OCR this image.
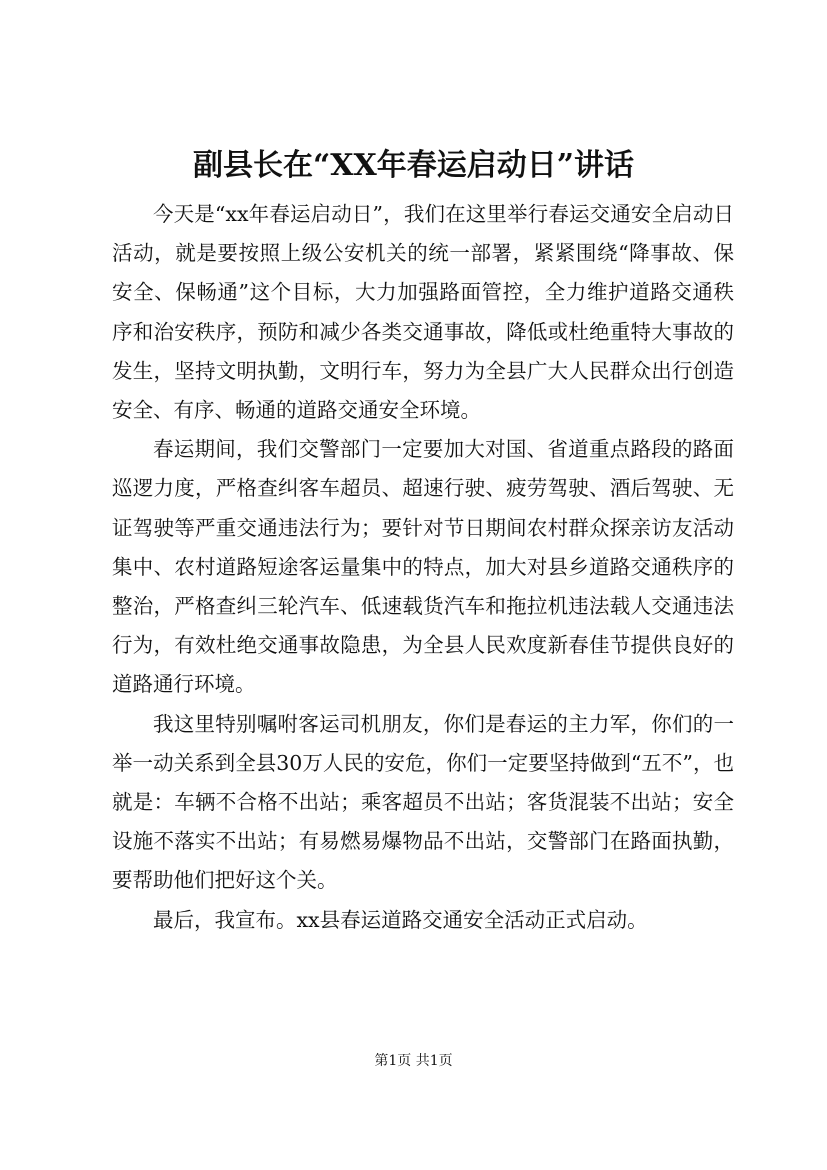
副县长在“XX年春运启动日”讲话

今天是“xx年春运启动日”，我们在这里举行春运交通安全启动日活动，就是要按照上级公安机关的统一部署，紧紧围绕“降事故、保安全、保畅通”这个目标，大力加强路面管控，全力维护道路交通秩序和治安秩序，预防和减少各类交通事故，降低或杜绝重特大事故的发生，坚持文明执勤，文明行车，努力为全县广大人民群众出行创造安全、有序、畅通的道路交通安全环境。

春运期间，我们交警部门一定要加大对国、省道重点路段的路面巡逻力度，严格查纠客车超员、超速行驶、疲劳驾驶、酒后驾驶、无证驾驶等严重交通违法行为；要针对节日期间农村群众探亲访友活动集中、农村道路短途客运量集中的特点，加大对县乡道路交通秩序的整治，严格查纠三轮汽车、低速载货汽车和拖拉机违法载人交通违法行为，有效杜绝交通事故隐患，为全县人民欢度新春佳节提供良好的道路通行环境。

我这里特别嘱咐客运司机朋友，你们是春运的主力军，你们的一举一动关系到全县30万人民的安危，你们一定要坚持做到“五不”，也就是：车辆不合格不出站；乘客超员不出站；客货混装不出站；安全设施不落实不出站；有易燃易爆物品不出站，交警部门在路面执勤，要帮助他们把好这个关。

最后，我宣布。xx县春运道路交通安全活动正式启动。

第1页 共1页
